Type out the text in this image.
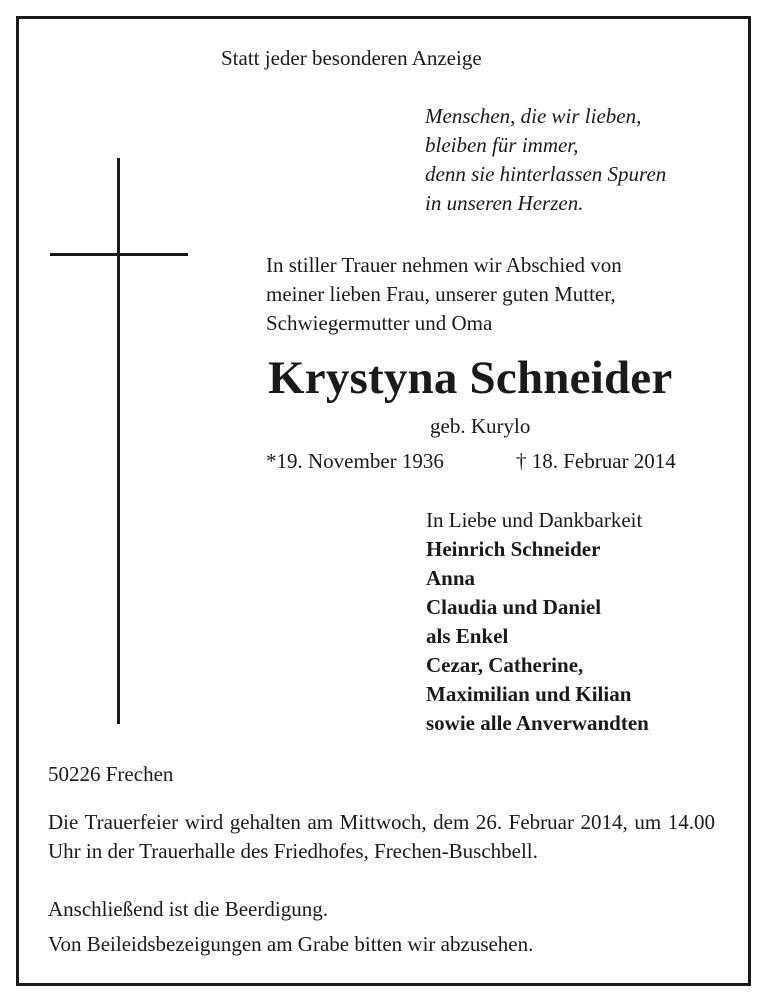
Statt jeder besonderen Anzeige
Menschen, die wir lieben,
bleiben für immer,
denn sie hinterlassen Spuren
in unseren Herzen.
In stiller Trauer nehmen wir Abschied von
meiner lieben Frau, unserer guten Mutter,
Schwiegermutter und Oma
Krystyna Schneider
geb. Kurylo
*19. November 1936	† 18. Februar 2014
In Liebe und Dankbarkeit
Heinrich Schneider
Anna
Claudia und Daniel
als Enkel
Cezar, Catherine,
Maximilian und Kilian
sowie alle Anverwandten
50226 Frechen
Die Trauerfeier wird gehalten am Mittwoch, dem 26. Februar 2014, um 14.00 Uhr in der Trauerhalle des Friedhofes, Frechen-Buschbell.
Anschließend ist die Beerdigung.
Von Beileidsbezeigungen am Grabe bitten wir abzusehen.
